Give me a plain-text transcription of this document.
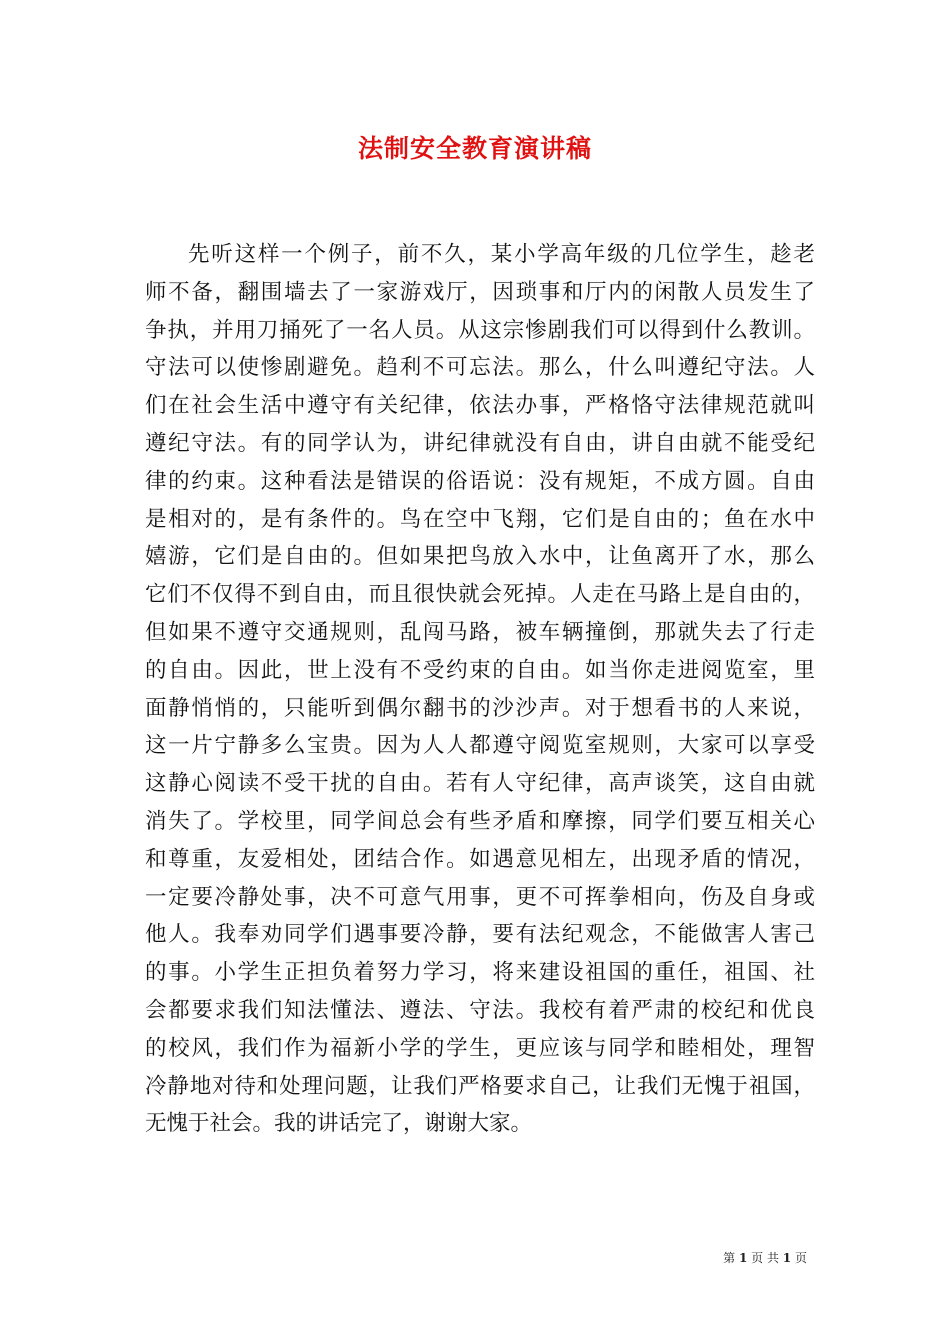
法制安全教育演讲稿
先听这样一个例子，前不久，某小学高年级的几位学生，趁老
师不备，翻围墙去了一家游戏厅，因琐事和厅内的闲散人员发生了
争执，并用刀捅死了一名人员。从这宗惨剧我们可以得到什么教训。
守法可以使惨剧避免。趋利不可忘法。那么，什么叫遵纪守法。人
们在社会生活中遵守有关纪律，依法办事，严格恪守法律规范就叫
遵纪守法。有的同学认为，讲纪律就没有自由，讲自由就不能受纪
律的约束。这种看法是错误的俗语说：没有规矩，不成方圆。自由
是相对的，是有条件的。鸟在空中飞翔，它们是自由的；鱼在水中
嬉游，它们是自由的。但如果把鸟放入水中，让鱼离开了水，那么
它们不仅得不到自由，而且很快就会死掉。人走在马路上是自由的，
但如果不遵守交通规则，乱闯马路，被车辆撞倒，那就失去了行走
的自由。因此，世上没有不受约束的自由。如当你走进阅览室，里
面静悄悄的，只能听到偶尔翻书的沙沙声。对于想看书的人来说，
这一片宁静多么宝贵。因为人人都遵守阅览室规则，大家可以享受
这静心阅读不受干扰的自由。若有人守纪律，高声谈笑，这自由就
消失了。学校里，同学间总会有些矛盾和摩擦，同学们要互相关心
和尊重，友爱相处，团结合作。如遇意见相左，出现矛盾的情况，
一定要冷静处事，决不可意气用事，更不可挥拳相向，伤及自身或
他人。我奉劝同学们遇事要冷静，要有法纪观念，不能做害人害己
的事。小学生正担负着努力学习，将来建设祖国的重任，祖国、社
会都要求我们知法懂法、遵法、守法。我校有着严肃的校纪和优良
的校风，我们作为福新小学的学生，更应该与同学和睦相处，理智
冷静地对待和处理问题，让我们严格要求自己，让我们无愧于祖国，
无愧于社会。我的讲话完了，谢谢大家。
第 1 页 共 1 页
